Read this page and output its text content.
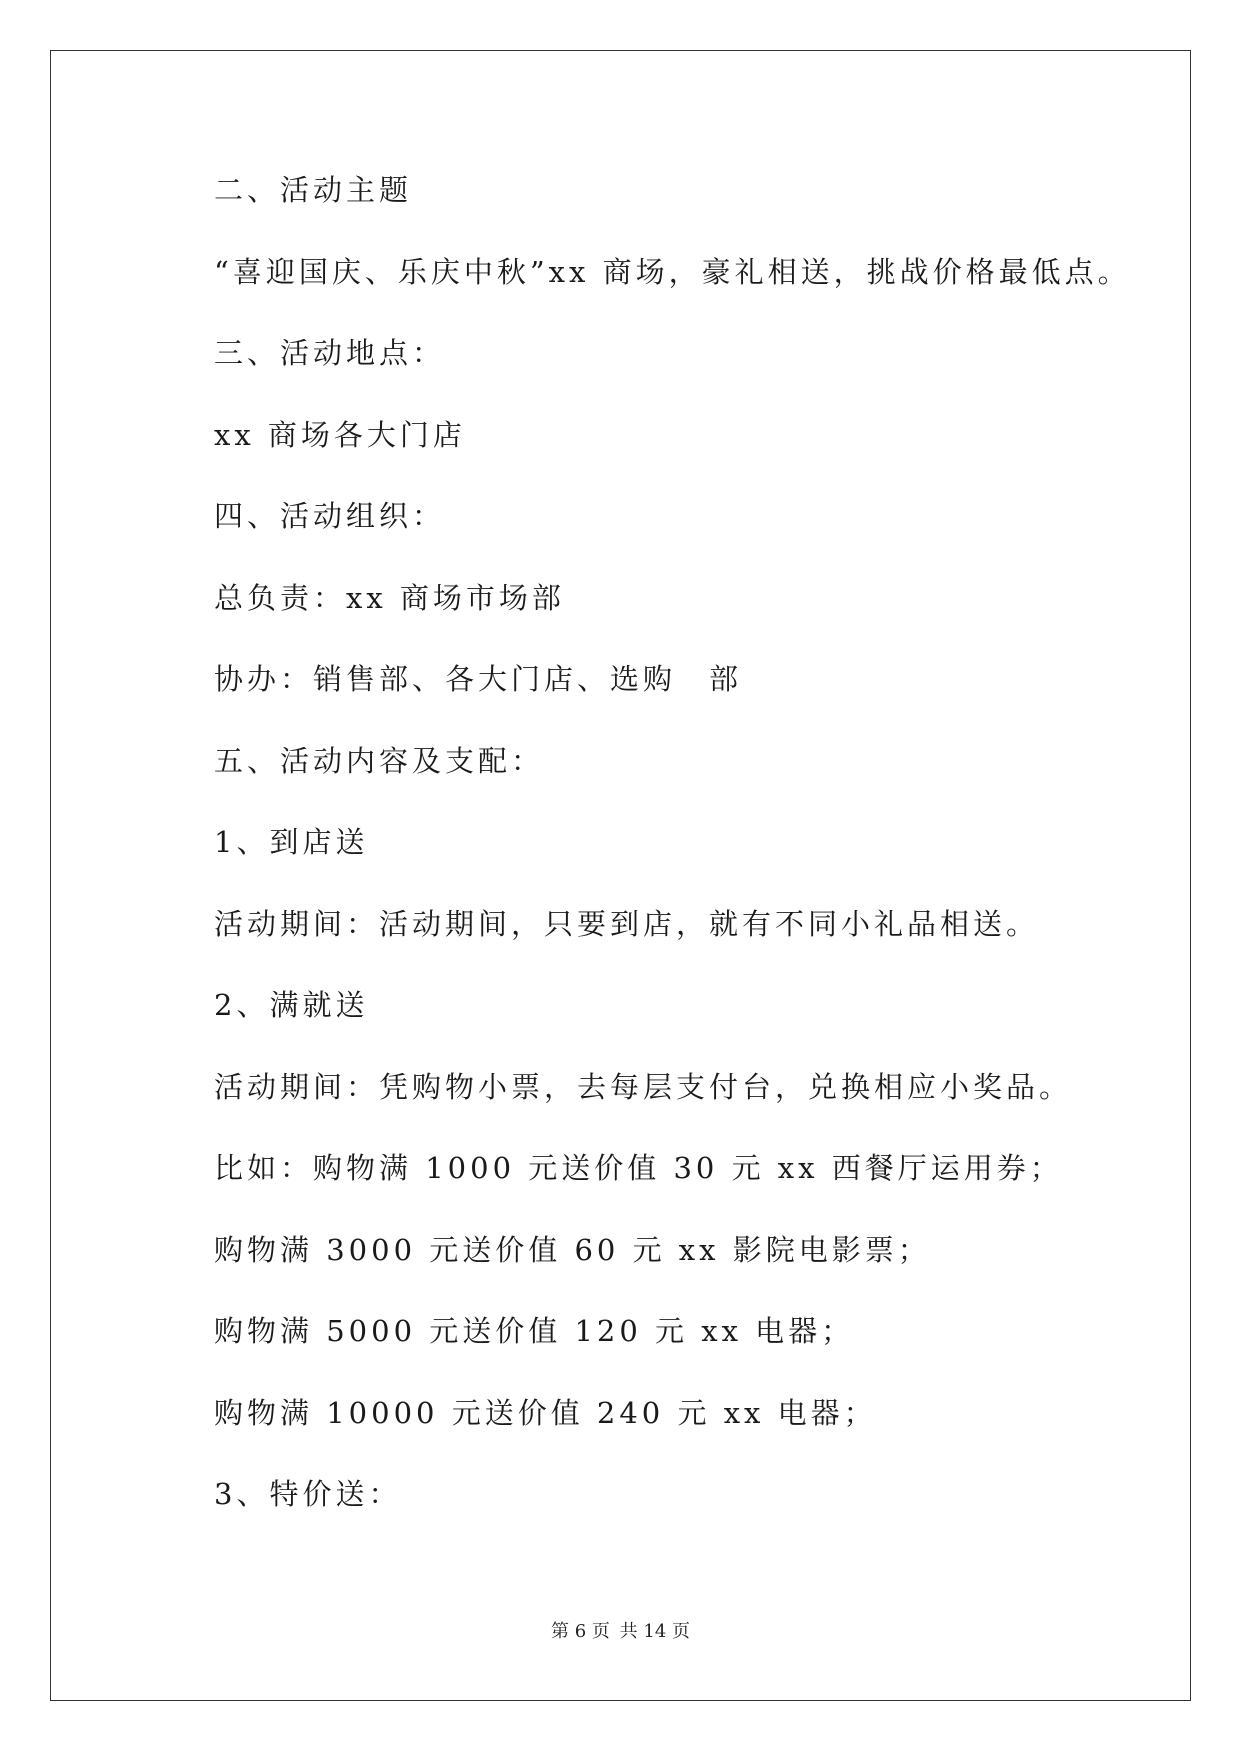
二、活动主题
“喜迎国庆、乐庆中秋”xx 商场，豪礼相送，挑战价格最低点。
三、活动地点：
xx 商场各大门店
四、活动组织：
总负责：xx 商场市场部
协办：销售部、各大门店、选购　部
五、活动内容及支配：
1、到店送
活动期间：活动期间，只要到店，就有不同小礼品相送。
2、满就送
活动期间：凭购物小票，去每层支付台，兑换相应小奖品。
比如：购物满 1000 元送价值 30 元 xx 西餐厅运用券；
购物满 3000 元送价值 60 元 xx 影院电影票；
购物满 5000 元送价值 120 元 xx 电器；
购物满 10000 元送价值 240 元 xx 电器；
3、特价送：
第 6 页 共 14 页
